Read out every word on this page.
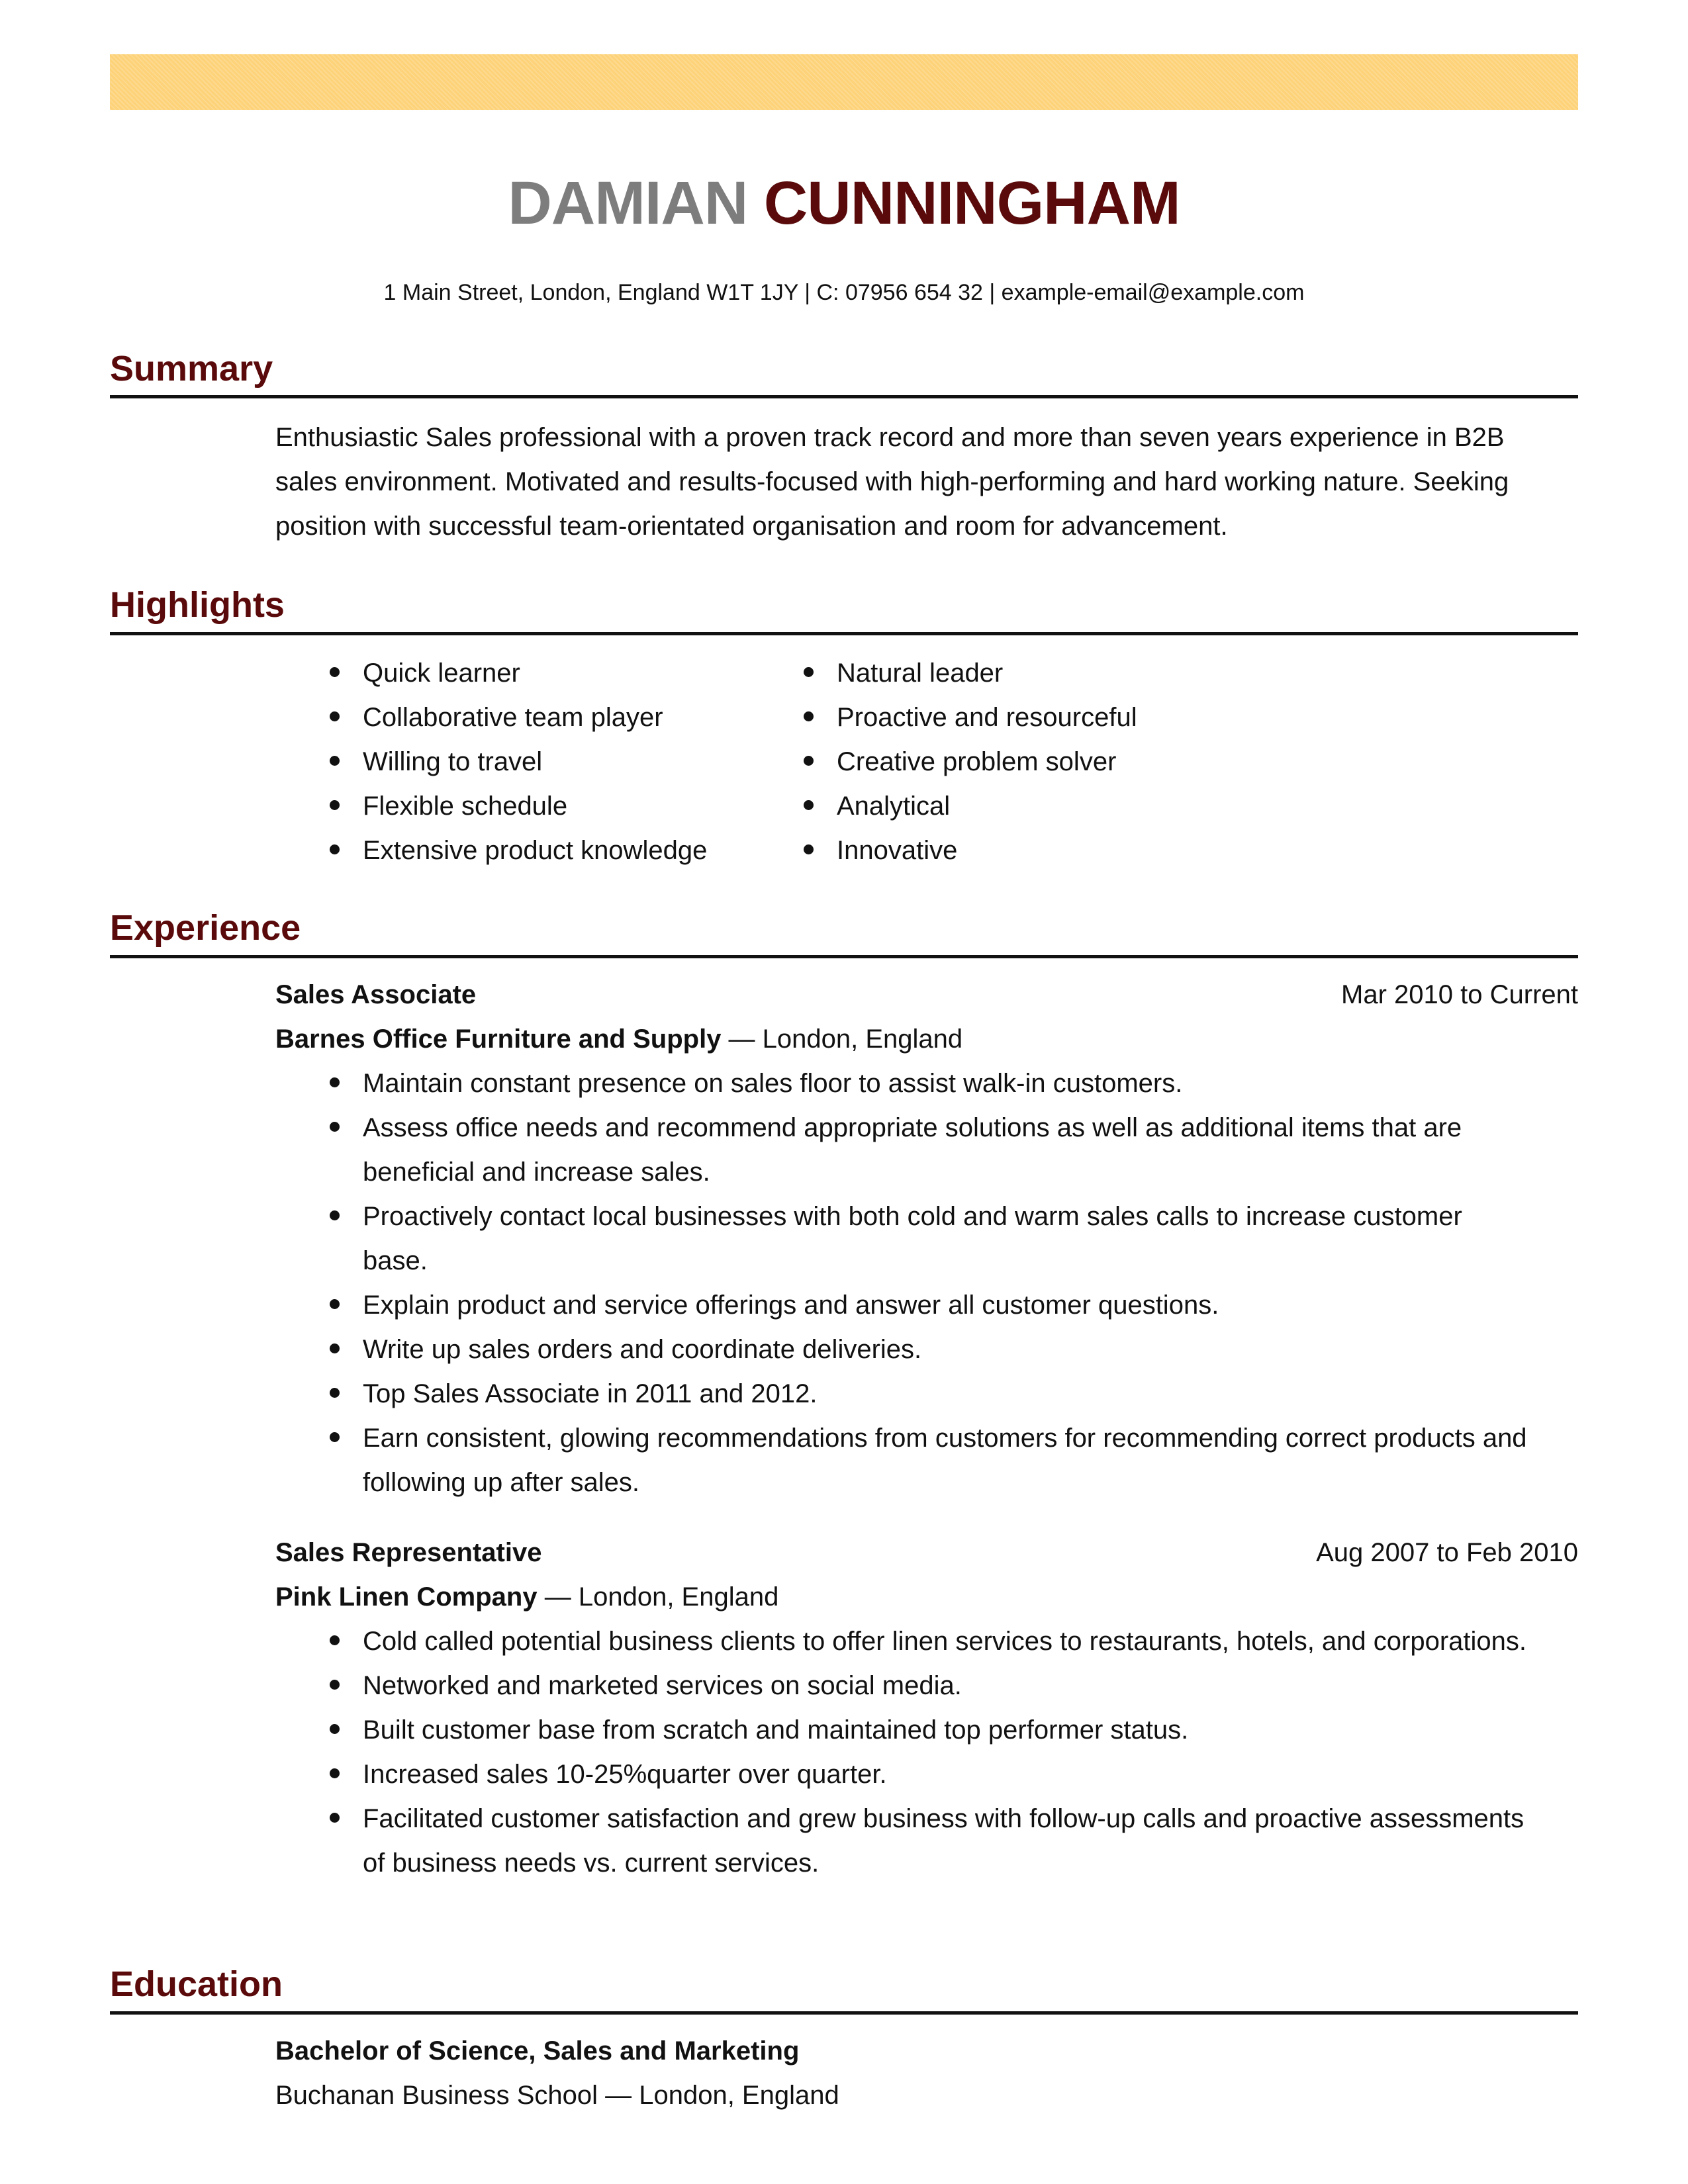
DAMIAN CUNNINGHAM
1 Main Street, London, England W1T 1JY | C: 07956 654 32 | example-email@example.com
Summary
Enthusiastic Sales professional with a proven track record and more than seven years experience in B2B sales environment. Motivated and results-focused with high-performing and hard working nature. Seeking position with successful team-orientated organisation and room for advancement.
Highlights
Quick learner
Collaborative team player
Willing to travel
Flexible schedule
Extensive product knowledge
Natural leader
Proactive and resourceful
Creative problem solver
Analytical
Innovative
Experience
Sales Associate	Mar 2010 to Current
Barnes Office Furniture and Supply — London, England
Maintain constant presence on sales floor to assist walk-in customers.
Assess office needs and recommend appropriate solutions as well as additional items that are beneficial and increase sales.
Proactively contact local businesses with both cold and warm sales calls to increase customer base.
Explain product and service offerings and answer all customer questions.
Write up sales orders and coordinate deliveries.
Top Sales Associate in 2011 and 2012.
Earn consistent, glowing recommendations from customers for recommending correct products and following up after sales.
Sales Representative	Aug 2007 to Feb 2010
Pink Linen Company — London, England
Cold called potential business clients to offer linen services to restaurants, hotels, and corporations.
Networked and marketed services on social media.
Built customer base from scratch and maintained top performer status.
Increased sales 10-25%quarter over quarter.
Facilitated customer satisfaction and grew business with follow-up calls and proactive assessments of business needs vs. current services.
Education
Bachelor of Science, Sales and Marketing
Buchanan Business School — London, England
